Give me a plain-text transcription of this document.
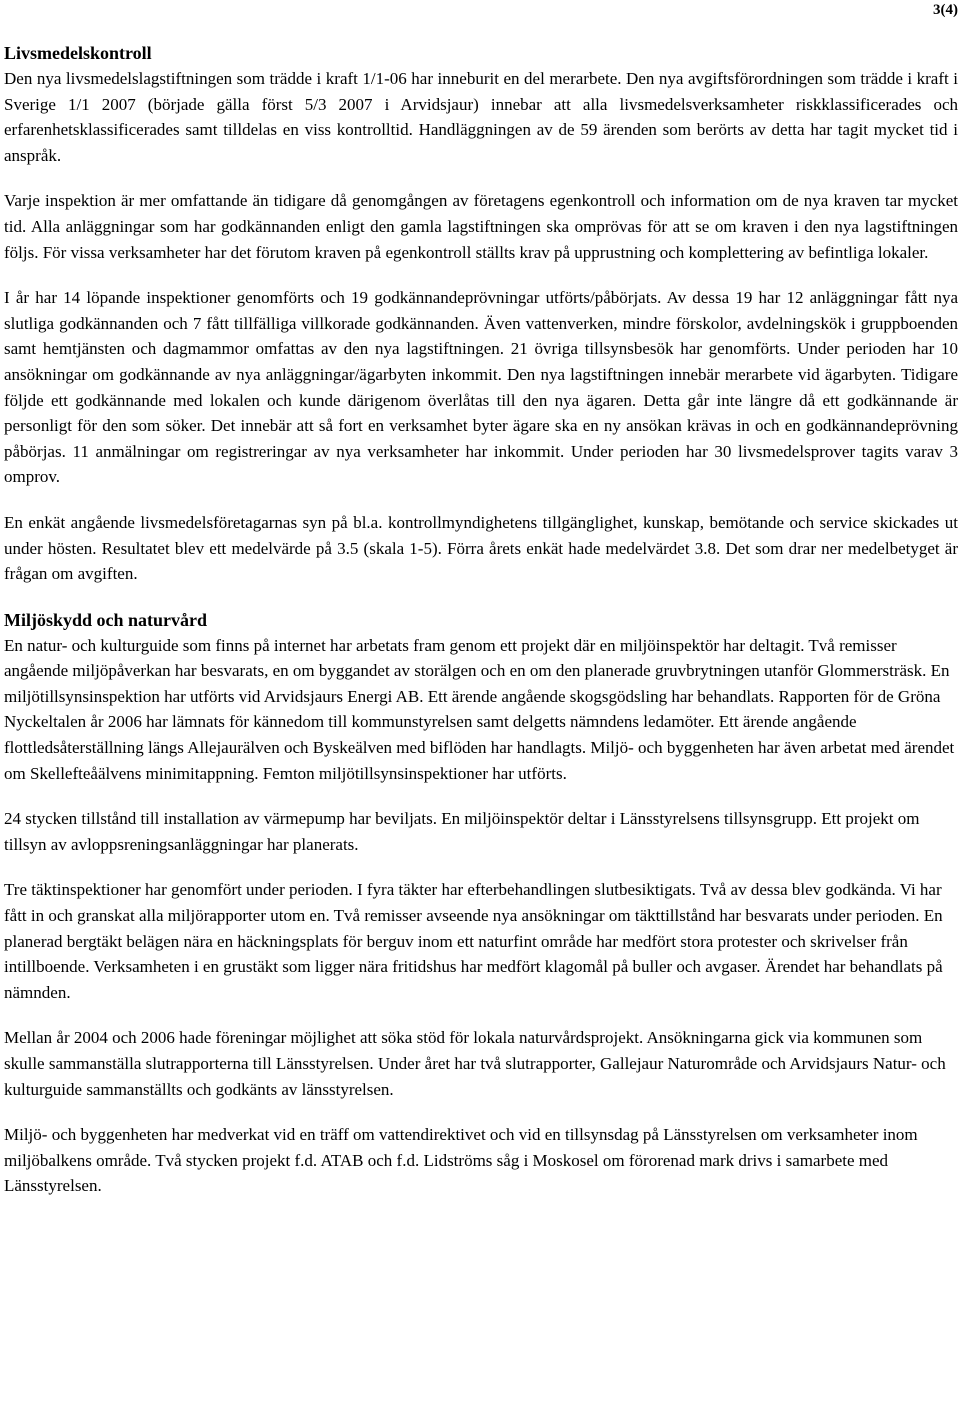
3(4)
Livsmedelskontroll

Den nya livsmedelslagstiftningen som trädde i kraft 1/1-06 har inneburit en del merarbete. Den nya avgiftsförordningen som trädde i kraft i Sverige 1/1 2007 (började gälla först 5/3 2007 i Arvidsjaur) innebar att alla livsmedelsverksamheter riskklassificerades och erfarenhetsklassificerades samt tilldelas en viss kontrolltid. Handläggningen av de 59 ärenden som berörts av detta har tagit mycket tid i anspråk.

Varje inspektion är mer omfattande än tidigare då genomgången av företagens egenkontroll och information om de nya kraven tar mycket tid. Alla anläggningar som har godkännanden enligt den gamla lagstiftningen ska omprövas för att se om kraven i den nya lagstiftningen följs. För vissa verksamheter har det förutom kraven på egenkontroll ställts krav på upprustning och komplettering av befintliga lokaler.

I år har 14 löpande inspektioner genomförts och 19 godkännandeprövningar utförts/påbörjats. Av dessa 19 har 12 anläggningar fått nya slutliga godkännanden och 7 fått tillfälliga villkorade godkännanden. Även vattenverken, mindre förskolor, avdelningskök i gruppboenden samt hemtjänsten och dagmammor omfattas av den nya lagstiftningen. 21 övriga tillsynsbesök har genomförts. Under perioden har 10 ansökningar om godkännande av nya anläggningar/ägarbyten inkommit. Den nya lagstiftningen innebär merarbete vid ägarbyten. Tidigare följde ett godkännande med lokalen och kunde därigenom överlåtas till den nya ägaren. Detta går inte längre då ett godkännande är personligt för den som söker. Det innebär att så fort en verksamhet byter ägare ska en ny ansökan krävas in och en godkännandeprövning påbörjas. 11 anmälningar om registreringar av nya verksamheter har inkommit. Under perioden har 30 livsmedelsprover tagits varav 3 omprov.

En enkät angående livsmedelsföretagarnas syn på bl.a. kontrollmyndighetens tillgänglighet, kunskap, bemötande och service skickades ut under hösten. Resultatet blev ett medelvärde på 3.5 (skala 1-5). Förra årets enkät hade medelvärdet 3.8. Det som drar ner medelbetyget är frågan om avgiften.

Miljöskydd och naturvård

En natur- och kulturguide som finns på internet har arbetats fram genom ett projekt där en miljöinspektör har deltagit. Två remisser angående miljöpåverkan har besvarats, en om byggandet av storälgen och en om den planerade gruvbrytningen utanför Glommersträsk. En miljötillsynsinspektion har utförts vid Arvidsjaurs Energi AB. Ett ärende angående skogsgödsling har behandlats. Rapporten för de Gröna Nyckeltalen år 2006 har lämnats för kännedom till kommunstyrelsen samt delgetts nämndens ledamöter. Ett ärende angående flottledsåterställning längs Allejaurälven och Byskeälven med biflöden har handlagts. Miljö- och byggenheten har även arbetat med ärendet om Skellefteåälvens minimitappning. Femton miljötillsynsinspektioner har utförts.

24 stycken tillstånd till installation av värmepump har beviljats. En miljöinspektör deltar i Länsstyrelsens tillsynsgrupp. Ett projekt om tillsyn av avloppsreningsanläggningar har planerats.

Tre täktinspektioner har genomfört under perioden. I fyra täkter har efterbehandlingen slutbesiktigats. Två av dessa blev godkända. Vi har fått in och granskat alla miljörapporter utom en. Två remisser avseende nya ansökningar om täkttillstånd har besvarats under perioden. En planerad bergtäkt belägen nära en häckningsplats för berguv inom ett naturfint område har medfört stora protester och skrivelser från intillboende. Verksamheten i en grustäkt som ligger nära fritidshus har medfört klagomål på buller och avgaser. Ärendet har behandlats på nämnden.

Mellan år 2004 och 2006 hade föreningar möjlighet att söka stöd för lokala naturvårdsprojekt. Ansökningarna gick via kommunen som skulle sammanställa slutrapporterna till Länsstyrelsen. Under året har två slutrapporter, Gallejaur Naturområde och Arvidsjaurs Natur- och kulturguide sammanställts och godkänts av länsstyrelsen.

Miljö- och byggenheten har medverkat vid en träff om vattendirektivet och vid en tillsynsdag på Länsstyrelsen om verksamheter inom miljöbalkens område. Två stycken projekt f.d. ATAB och f.d. Lidströms såg i Moskosel om förorenad mark drivs i samarbete med Länsstyrelsen.
